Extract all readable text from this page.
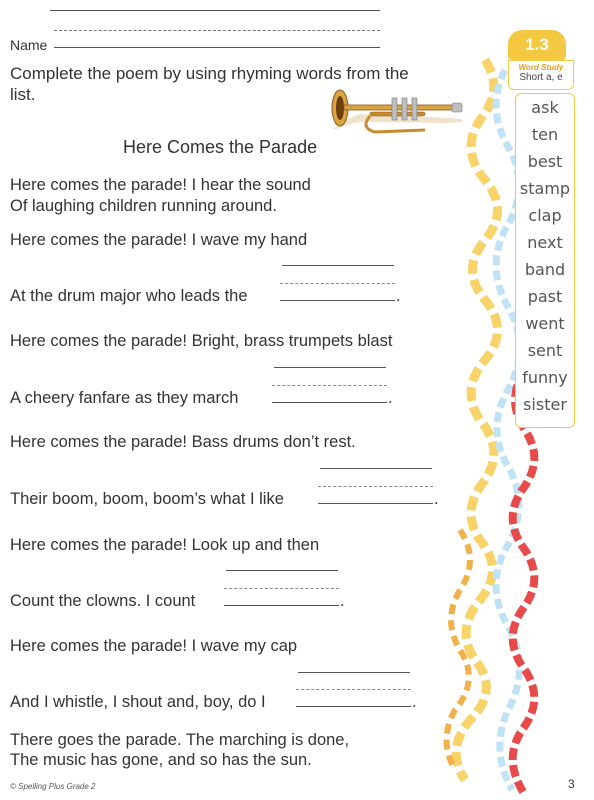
Name	1.3
Word Study
Short a, e
Complete the poem by using rhyming words from the list.
Here Comes the Parade
Here comes the parade! I hear the sound
Of laughing children running around.
Here comes the parade! I wave my hand
At the drum major who leads the	.
Here comes the parade! Bright, brass trumpets blast
A cheery fanfare as they march	.
Here comes the parade! Bass drums don’t rest.
Their boom, boom, boom’s what I like	.
Here comes the parade! Look up and then
Count the clowns. I count	.
Here comes the parade! I wave my cap
And I whistle, I shout and, boy, do I	.
There goes the parade. The marching is done,
The music has gone, and so has the sun.
ask
ten
best
stamp
clap
next
band
past
went
sent
funny
sister
© Spelling Plus Grade 2	3
